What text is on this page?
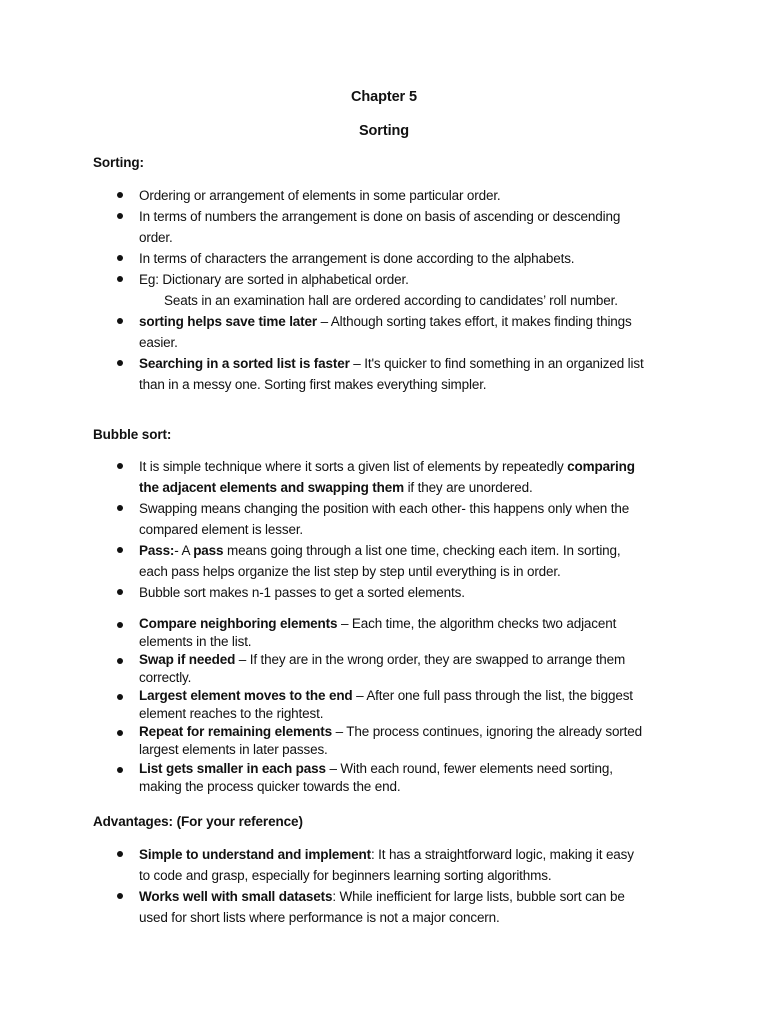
Chapter 5
Sorting
Sorting:
Ordering or arrangement of elements in some particular order.
In terms of numbers the arrangement is done on basis of ascending or descending
order.
In terms of characters the arrangement is done according to the alphabets.
Eg: Dictionary are sorted in alphabetical order.
Seats in an examination hall are ordered according to candidates’ roll number.
sorting helps save time later – Although sorting takes effort, it makes finding things
easier.
Searching in a sorted list is faster – It's quicker to find something in an organized list
than in a messy one. Sorting first makes everything simpler.
Bubble sort:
It is simple technique where it sorts a given list of elements by repeatedly comparing
the adjacent elements and swapping them if they are unordered.
Swapping means changing the position with each other- this happens only when the
compared element is lesser.
Pass:- A pass means going through a list one time, checking each item. In sorting,
each pass helps organize the list step by step until everything is in order.
Bubble sort makes n-1 passes to get a sorted elements.
Compare neighboring elements – Each time, the algorithm checks two adjacent
elements in the list.
Swap if needed – If they are in the wrong order, they are swapped to arrange them
correctly.
Largest element moves to the end – After one full pass through the list, the biggest
element reaches to the rightest.
Repeat for remaining elements – The process continues, ignoring the already sorted
largest elements in later passes.
List gets smaller in each pass – With each round, fewer elements need sorting,
making the process quicker towards the end.
Advantages: (For your reference)
Simple to understand and implement: It has a straightforward logic, making it easy
to code and grasp, especially for beginners learning sorting algorithms.
Works well with small datasets: While inefficient for large lists, bubble sort can be
used for short lists where performance is not a major concern.
